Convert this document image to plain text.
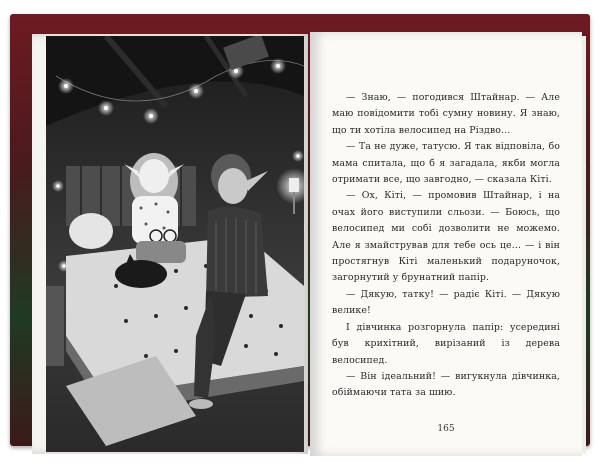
— Знаю, — погодився Штайнар. — Але маю повідомити тобі сумну новину. Я знаю, що ти хотіла велосипед на Різдво…

— Та не дуже, татусю. Я так відповіла, бо мама спитала, що б я загадала, якби могла отримати все, що завгодно, — сказала Кіті.

— Ох, Кіті, — промовив Штайнар, і на очах його виступили сльози. — Боюсь, що велосипед ми собі дозволити не можемо. Але я змайстрував для тебе ось це… — і він простягнув Кіті маленький подаруночок, загорнутий у брунатний папір.

— Дякую, татку! — радіє Кіті. — Дякую велике!

І дівчинка розгорнула папір: усередині був крихітний, вирізаний із дерева велосипед.

— Він ідеальний! — вигукнула дівчинка, обіймаючи тата за шию.

165
